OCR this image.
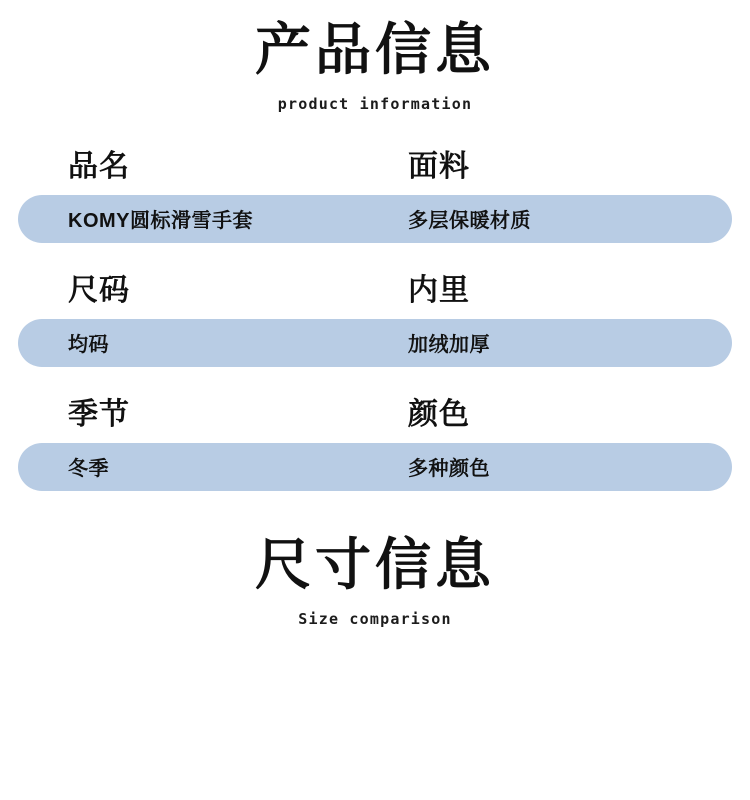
产品信息

product information

品名	面料
KOMY圆标滑雪手套	多层保暖材质
尺码	内里
均码	加绒加厚
季节	颜色
冬季	多种颜色
尺寸信息

Size comparison
